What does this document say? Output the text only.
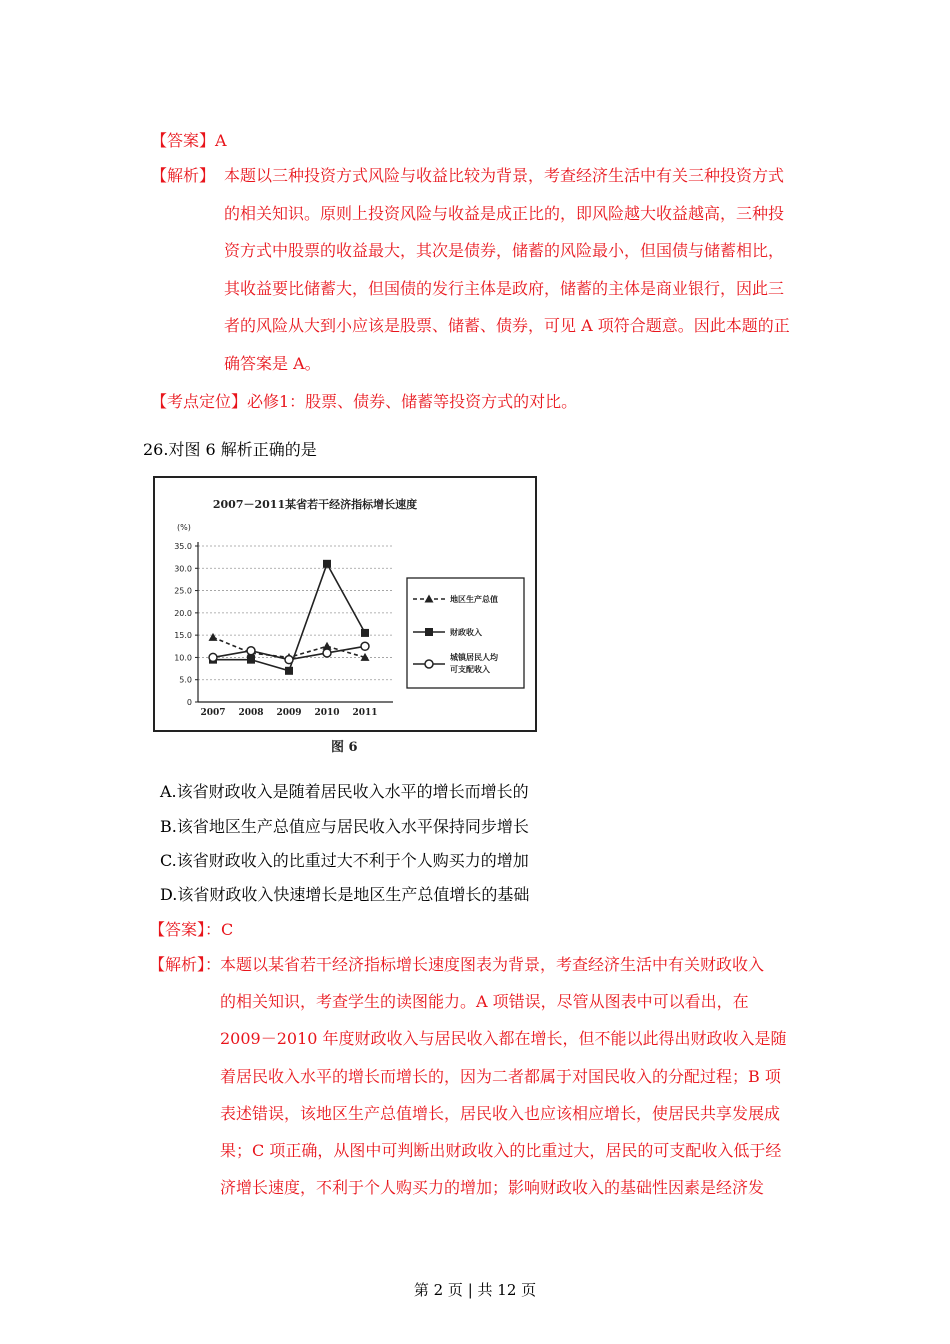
【答案】A
【解析】 本题以三种投资方式风险与收益比较为背景，考查经济生活中有关三种投资方式
的相关知识。原则上投资风险与收益是成正比的，即风险越大收益越高，三种投
资方式中股票的收益最大，其次是债券，储蓄的风险最小，但国债与储蓄相比，
其收益要比储蓄大，但国债的发行主体是政府，储蓄的主体是商业银行，因此三
者的风险从大到小应该是股票、储蓄、债券，可见 A 项符合题意。因此本题的正
确答案是 A。
【考点定位】必修1：股票、债券、储蓄等投资方式的对比。
26.对图 6 解析正确的是
2007－2011某省若干经济指标增长速度
(%)
0
5.0
10.0
15.0
20.0
25.0
30.0
35.0
2007 2008 2009 2010 2011
地区生产总值
财政收入
城镇居民人均
可支配收入
图 6
A.该省财政收入是随着居民收入水平的增长而增长的
B.该省地区生产总值应与居民收入水平保持同步增长
C.该省财政收入的比重过大不利于个人购买力的增加
D.该省财政收入快速增长是地区生产总值增长的基础
【答案】：C
【解析】：
本题以某省若干经济指标增长速度图表为背景，考查经济生活中有关财政收入
的相关知识，考查学生的读图能力。A 项错误，尽管从图表中可以看出，在
2009－2010 年度财政收入与居民收入都在增长，但不能以此得出财政收入是随
着居民收入水平的增长而增长的，因为二者都属于对国民收入的分配过程；B 项
表述错误，该地区生产总值增长，居民收入也应该相应增长，使居民共享发展成
果；C 项正确，从图中可判断出财政收入的比重过大，居民的可支配收入低于经
济增长速度，不利于个人购买力的增加；影响财政收入的基础性因素是经济发
第 2 页 | 共 12 页
